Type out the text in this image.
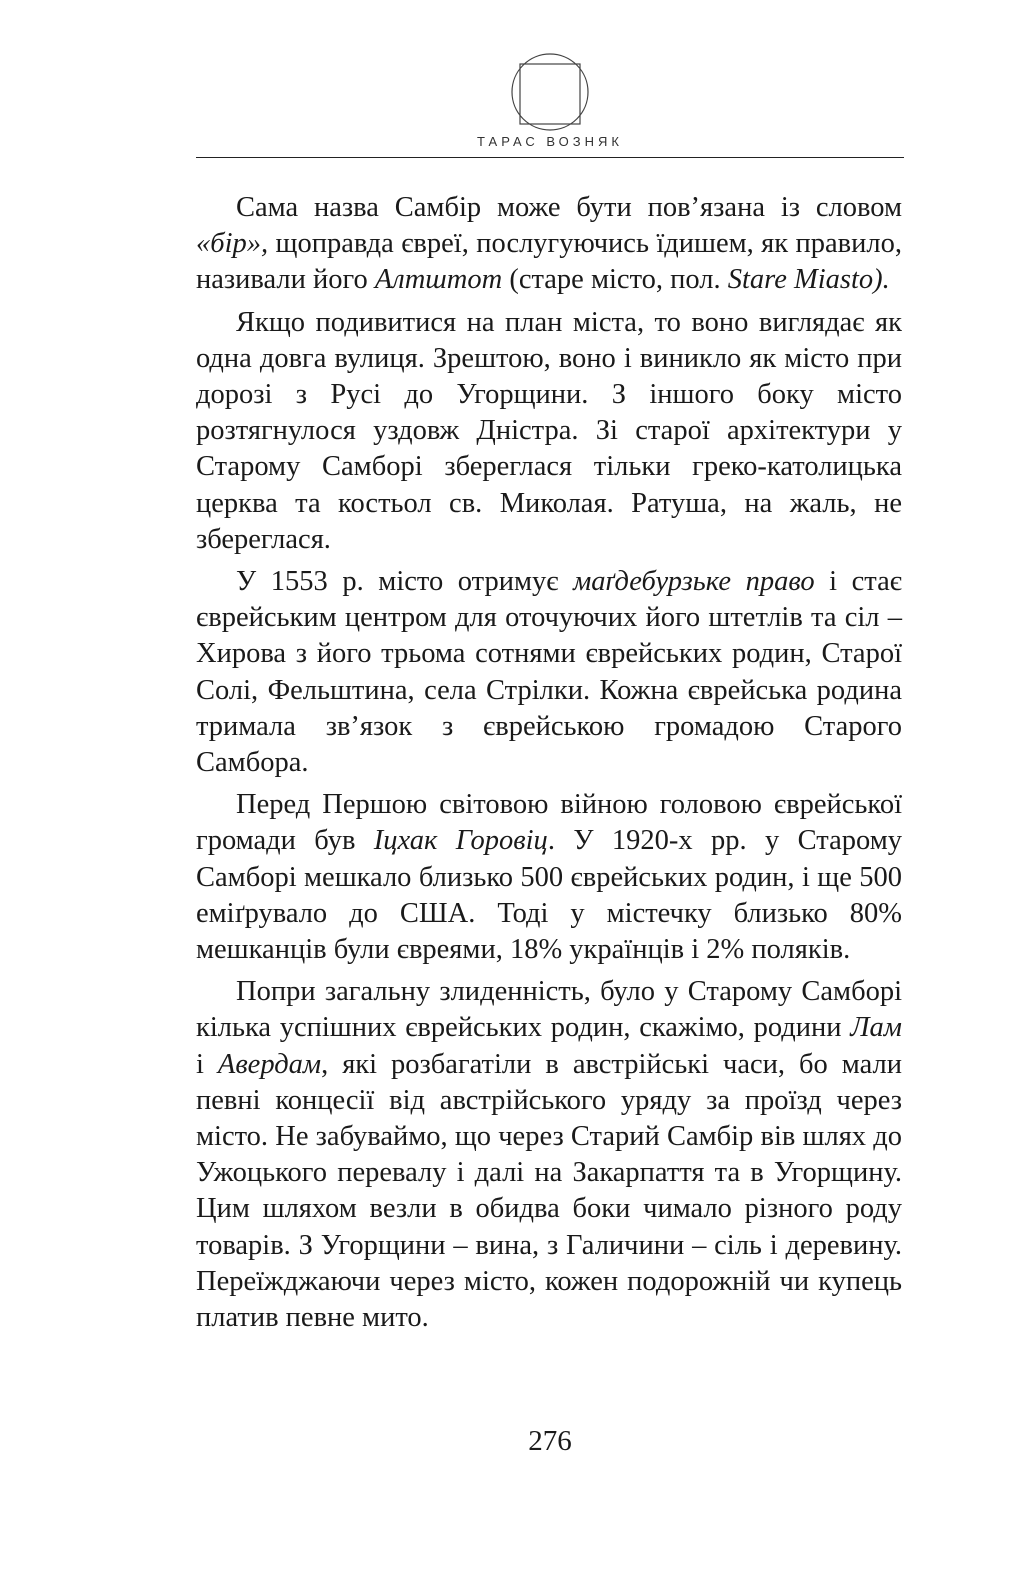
ТАРАС ВОЗНЯК

Сама назва Самбір може бути пов’язана із словом «бір», щоправда євреї, послугуючись їдишем, як правило, називали його Алтштот (старе місто, пол. Stare Miasto).

Якщо подивитися на план міста, то воно виглядає як одна довга вулиця. Зрештою, воно і виникло як місто при дорозі з Русі до Угорщини. З іншого боку місто розтягнулося уздовж Дністра. Зі старої архітектури у Старому Самборі збереглася тільки греко-католицька церква та костьол св. Миколая. Ратуша, на жаль, не збереглася.

У 1553 р. місто отримує маґдебурзьке право і стає єврейським центром для оточуючих його штетлів та сіл – Хирова з його трьома сотнями єврейських родин, Старої Солі, Фельштина, села Стрілки. Кожна єврейська родина тримала зв’язок з єврейською громадою Старого Самбора.

Перед Першою світовою війною головою єврейської громади був Іцхак Горовіц. У 1920-х рр. у Старому Самборі мешкало близько 500 єврейських родин, і ще 500 еміґрувало до США. Тоді у містечку близько 80% мешканців були євреями, 18% українців і 2% поляків.

Попри загальну злиденність, було у Старому Самборі кілька успішних єврейських родин, скажімо, родини Лам і Авердам, які розбагатіли в австрійські часи, бо мали певні концесії від австрійського уряду за проїзд через місто. Не забуваймо, що через Старий Самбір вів шлях до Ужоцького перевалу і далі на Закарпаття та в Угорщину. Цим шляхом везли в обидва боки чимало різного роду товарів. З Угорщини – вина, з Галичини – сіль і деревину. Переїжджаючи через місто, кожен подорожній чи купець платив певне мито.

276
